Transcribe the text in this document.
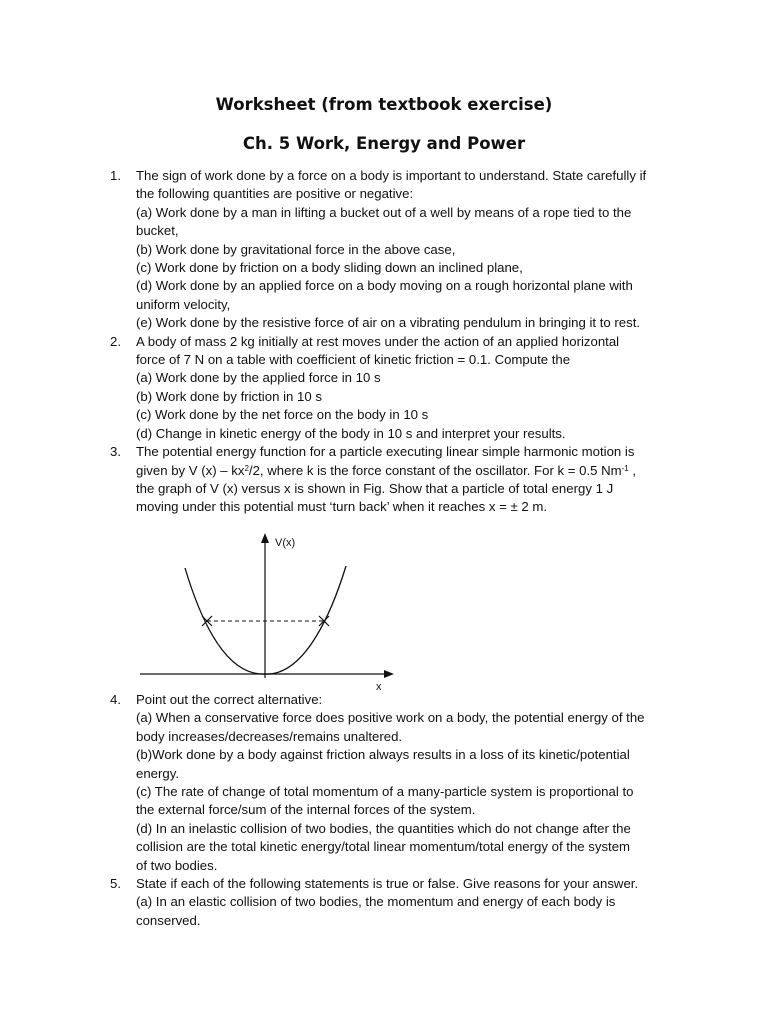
Worksheet (from textbook exercise)
Ch. 5 Work, Energy and Power
1.	The sign of work done by a force on a body is important to understand. State carefully if
the following quantities are positive or negative:
(a) Work done by a man in lifting a bucket out of a well by means of a rope tied to the
bucket,
(b) Work done by gravitational force in the above case,
(c) Work done by friction on a body sliding down an inclined plane,
(d) Work done by an applied force on a body moving on a rough horizontal plane with
uniform velocity,
(e) Work done by the resistive force of air on a vibrating pendulum in bringing it to rest.
2.	A body of mass 2 kg initially at rest moves under the action of an applied horizontal
force of 7 N on a table with coefficient of kinetic friction = 0.1. Compute the
(a) Work done by the applied force in 10 s
(b) Work done by friction in 10 s
(c) Work done by the net force on the body in 10 s
(d) Change in kinetic energy of the body in 10 s and interpret your results.
3.	The potential energy function for a particle executing linear simple harmonic motion is
given by V $(x) - kx^2/2$, where k is the force constant of the oscillator. For k = 0.5 $Nm^{-1}$ ,
the graph of V (x) versus x is shown in Fig. Show that a particle of total energy 1 J
moving under this potential must ‘turn back’ when it reaches x = ± 2 m.
V(x)
x
4.	Point out the correct alternative:
(a) When a conservative force does positive work on a body, the potential energy of the
body increases/decreases/remains unaltered.
(b)Work done by a body against friction always results in a loss of its kinetic/potential
energy.
(c) The rate of change of total momentum of a many-particle system is proportional to
the external force/sum of the internal forces of the system.
(d) In an inelastic collision of two bodies, the quantities which do not change after the
collision are the total kinetic energy/total linear momentum/total energy of the system
of two bodies.
5.	State if each of the following statements is true or false. Give reasons for your answer.
(a) In an elastic collision of two bodies, the momentum and energy of each body is
conserved.
